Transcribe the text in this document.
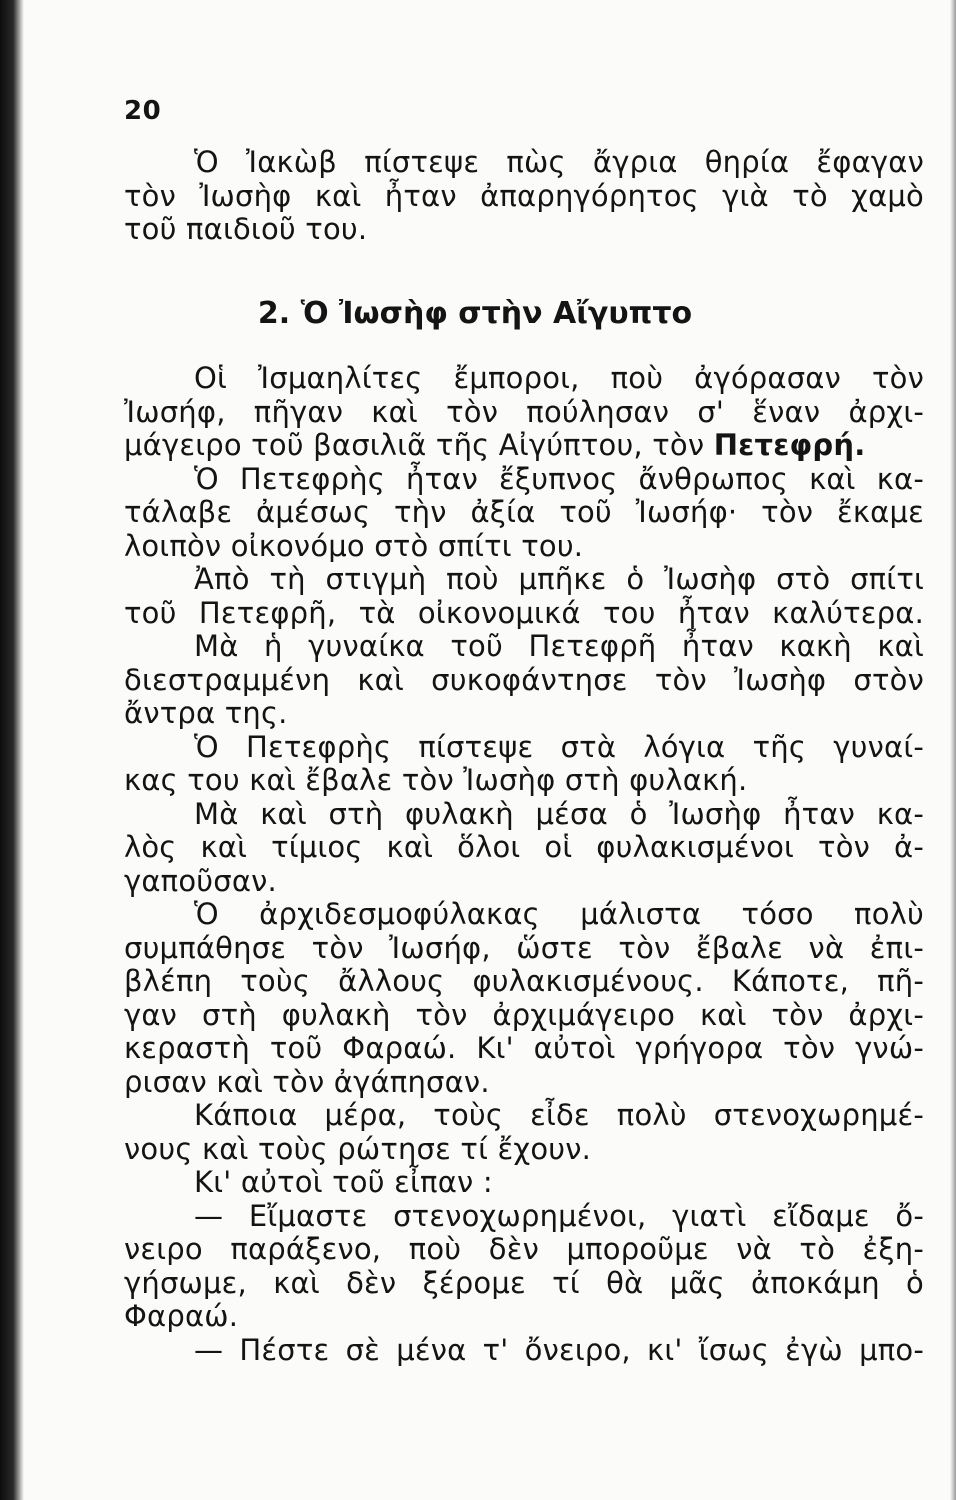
20
Ὁ Ἰακὼβ πίστεψε πὼς ἄγρια θηρία ἔφαγαν
τὸν Ἰωσὴφ καὶ ἦταν ἀπαρηγόρητος γιὰ τὸ χαμὸ
τοῦ παιδιοῦ του.
2. Ὁ Ἰωσὴφ στὴν Αἴγυπτο
Οἱ Ἰσμαηλίτες ἔμποροι, ποὺ ἀγόρασαν τὸν
Ἰωσήφ, πῆγαν καὶ τὸν πούλησαν σ' ἕναν ἀρχι-
μάγειρο τοῦ βασιλιᾶ τῆς Αἰγύπτου, τὸν Πετεφρή.
Ὁ Πετεφρὴς ἦταν ἔξυπνος ἄνθρωπος καὶ κα-
τάλαβε ἀμέσως τὴν ἀξία τοῦ Ἰωσήφ· τὸν ἔκαμε
λοιπὸν οἰκονόμο στὸ σπίτι του.
Ἀπὸ τὴ στιγμὴ ποὺ μπῆκε ὁ Ἰωσὴφ στὸ σπίτι
τοῦ Πετεφρῆ, τὰ οἰκονομικά του ἦταν καλύτερα.
Μὰ ἡ γυναίκα τοῦ Πετεφρῆ ἦταν κακὴ καὶ
διεστραμμένη καὶ συκοφάντησε τὸν Ἰωσὴφ στὸν
ἄντρα της.
Ὁ Πετεφρὴς πίστεψε στὰ λόγια τῆς γυναί-
κας του καὶ ἔβαλε τὸν Ἰωσὴφ στὴ φυλακή.
Μὰ καὶ στὴ φυλακὴ μέσα ὁ Ἰωσὴφ ἦταν κα-
λὸς καὶ τίμιος καὶ ὅλοι οἱ φυλακισμένοι τὸν ἀ-
γαποῦσαν.
Ὁ ἀρχιδεσμοφύλακας μάλιστα τόσο πολὺ
συμπάθησε τὸν Ἰωσήφ, ὥστε τὸν ἔβαλε νὰ ἐπι-
βλέπη τοὺς ἄλλους φυλακισμένους. Κάποτε, πῆ-
γαν στὴ φυλακὴ τὸν ἀρχιμάγειρο καὶ τὸν ἀρχι-
κεραστὴ τοῦ Φαραώ. Κι' αὐτοὶ γρήγορα τὸν γνώ-
ρισαν καὶ τὸν ἀγάπησαν.
Κάποια μέρα, τοὺς εἶδε πολὺ στενοχωρημέ-
νους καὶ τοὺς ρώτησε τί ἔχουν.
Κι' αὐτοὶ τοῦ εἶπαν :
— Εἴμαστε στενοχωρημένοι, γιατὶ εἴδαμε ὄ-
νειρο παράξενο, ποὺ δὲν μποροῦμε νὰ τὸ ἐξη-
γήσωμε, καὶ δὲν ξέρομε τί θὰ μᾶς ἀποκάμη ὁ
Φαραώ.
— Πέστε σὲ μένα τ' ὄνειρο, κι' ἴσως ἐγὼ μπο-
